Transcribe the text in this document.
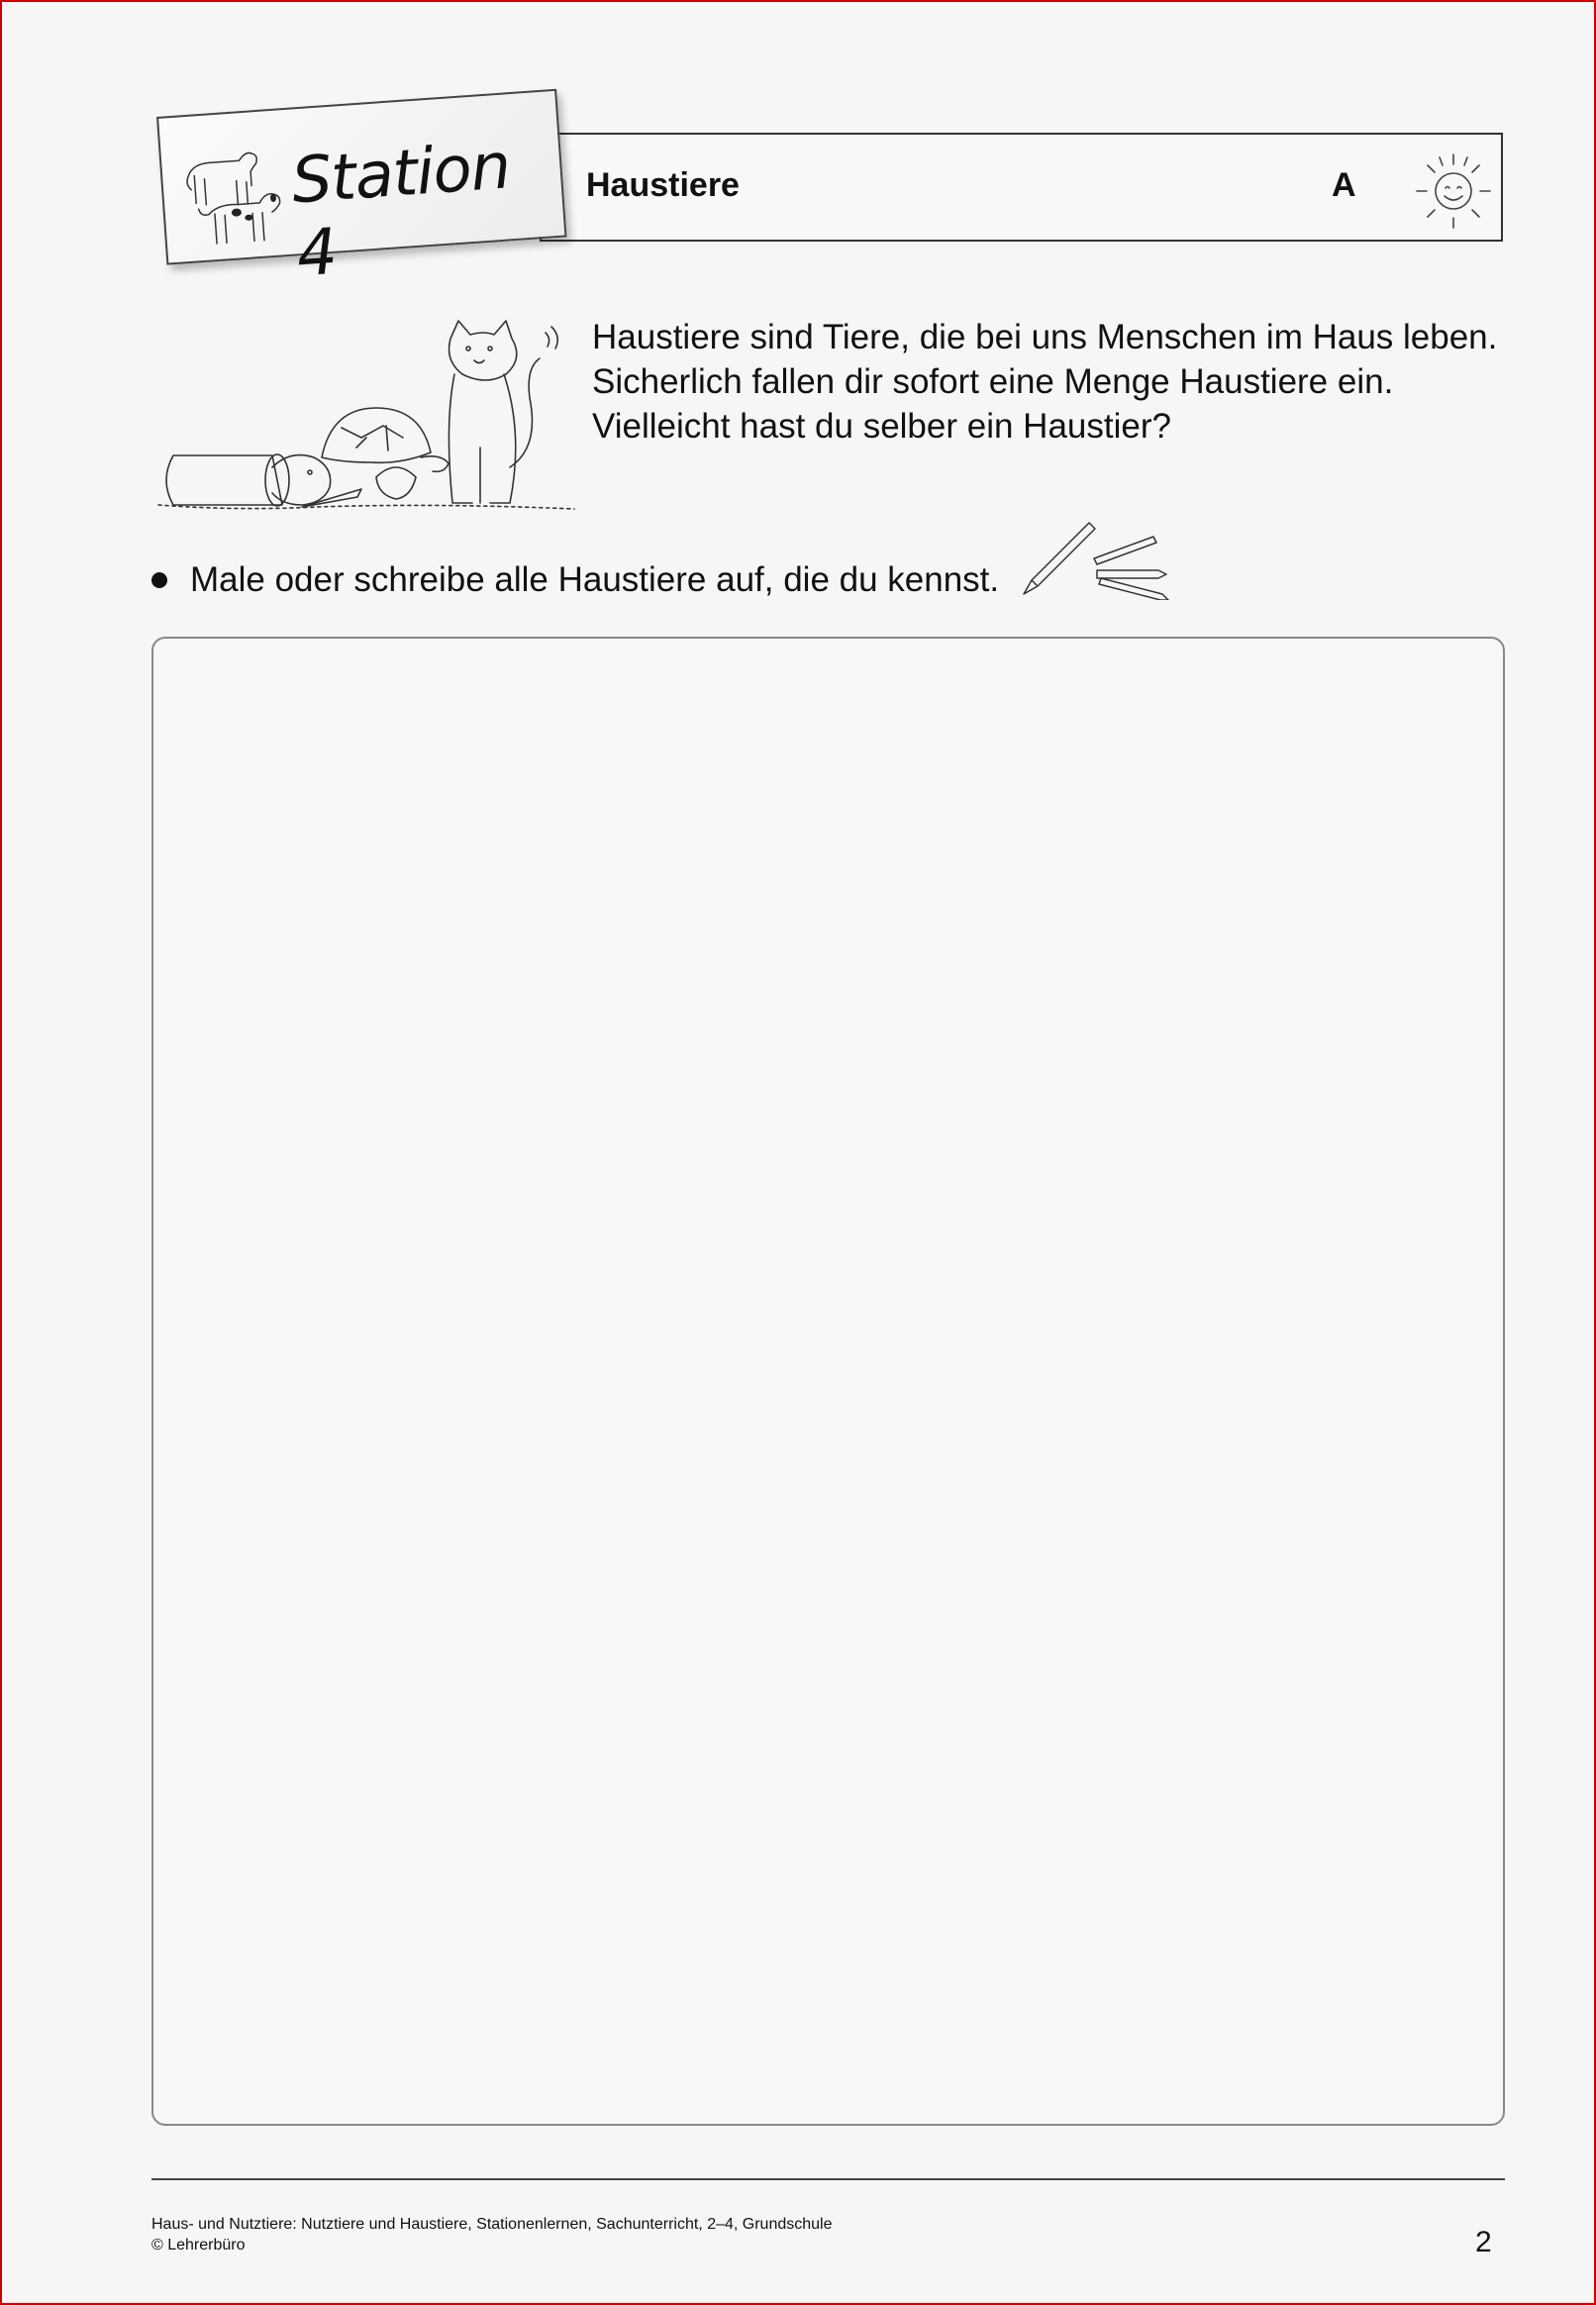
Haustiere	A
Station 4
Haustiere sind Tiere, die bei uns Menschen im Haus leben.
Sicherlich fallen dir sofort eine Menge Haustiere ein.
Vielleicht hast du selber ein Haustier?
Male oder schreibe alle Haustiere auf, die du kennst.
Haus- und Nutztiere: Nutztiere und Haustiere, Stationenlernen, Sachunterricht, 2–4, Grundschule
© Lehrerbüro	2
